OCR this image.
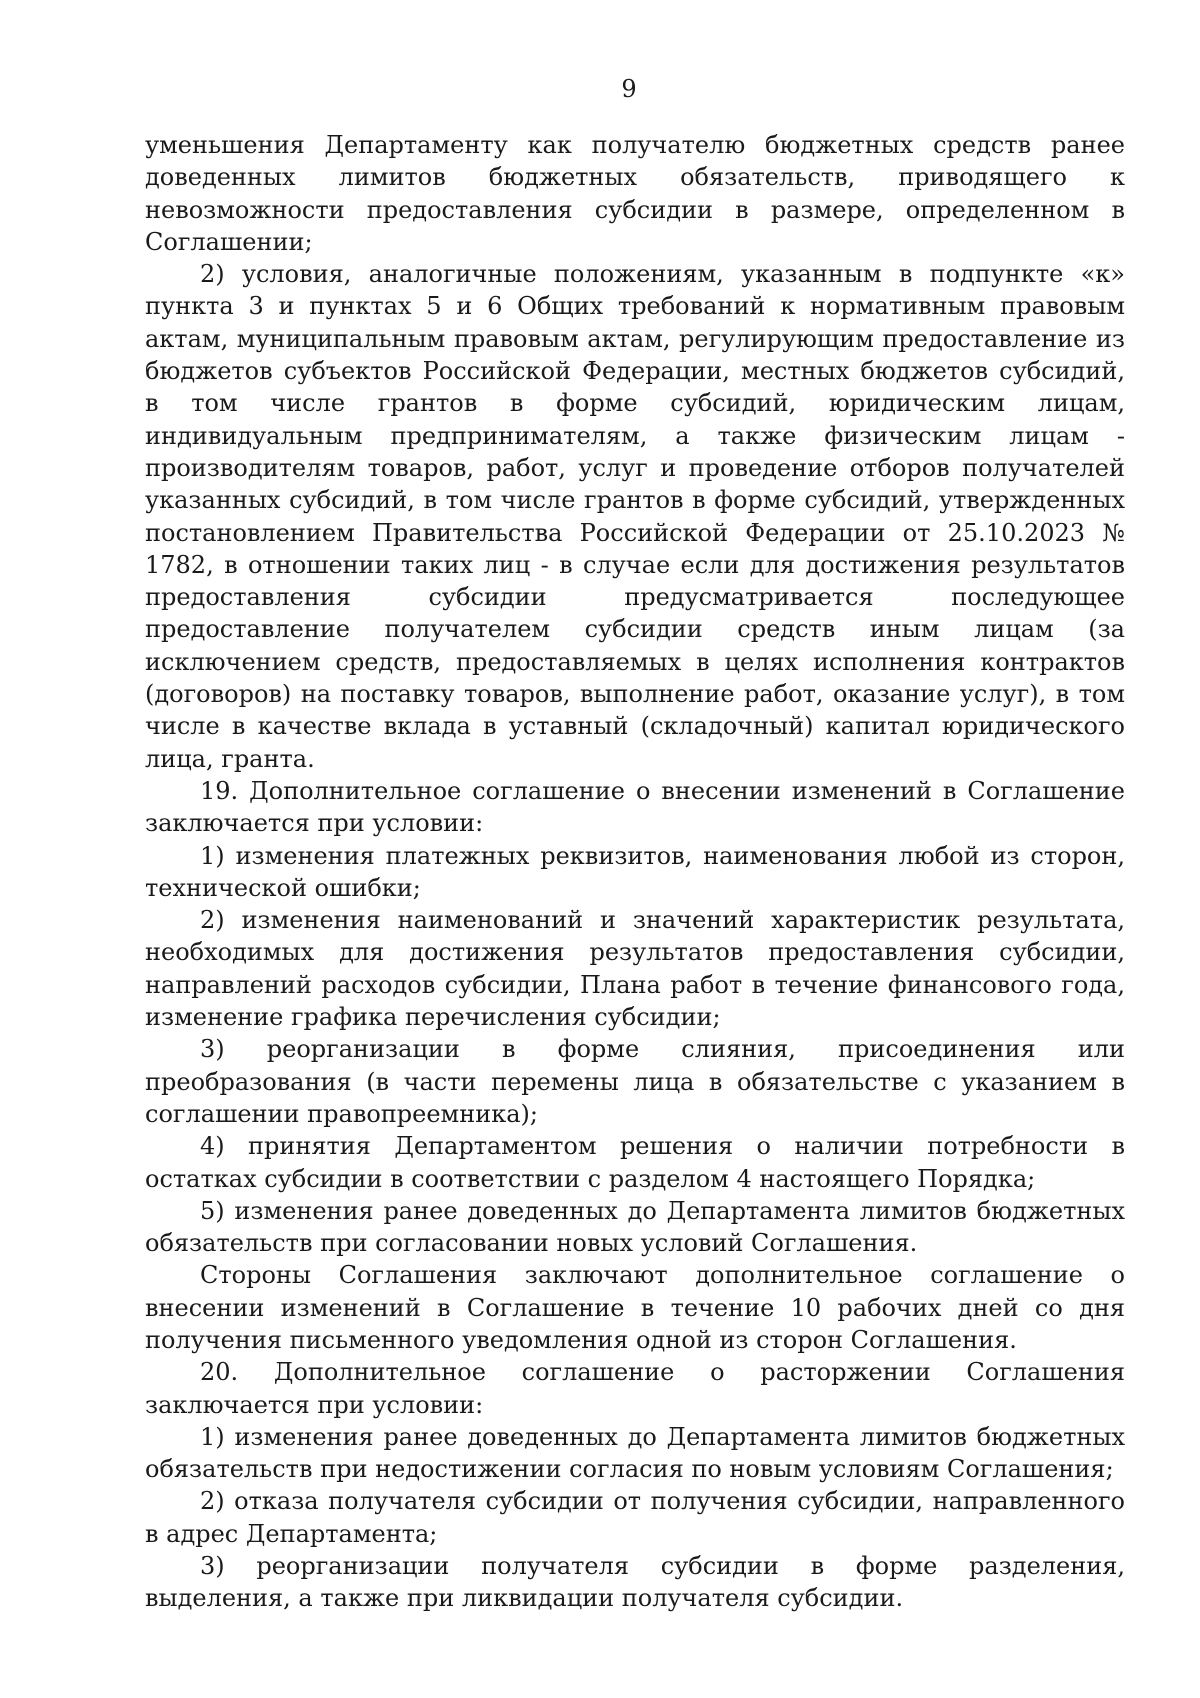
9

уменьшения Департаменту как получателю бюджетных средств ранее доведенных лимитов бюджетных обязательств, приводящего к невозможности предоставления субсидии в размере, определенном в Соглашении;

2) условия, аналогичные положениям, указанным в подпункте «к» пункта 3 и пунктах 5 и 6 Общих требований к нормативным правовым актам, муниципальным правовым актам, регулирующим предоставление из бюджетов субъектов Российской Федерации, местных бюджетов субсидий, в том числе грантов в форме субсидий, юридическим лицам, индивидуальным предпринимателям, а также физическим лицам - производителям товаров, работ, услуг и проведение отборов получателей указанных субсидий, в том числе грантов в форме субсидий, утвержденных постановлением Правительства Российской Федерации от 25.10.2023 № 1782, в отношении таких лиц - в случае если для достижения результатов предоставления субсидии предусматривается последующее предоставление получателем субсидии средств иным лицам (за исключением средств, предоставляемых в целях исполнения контрактов (договоров) на поставку товаров, выполнение работ, оказание услуг), в том числе в качестве вклада в уставный (складочный) капитал юридического лица, гранта.

19. Дополнительное соглашение о внесении изменений в Соглашение заключается при условии:

1) изменения платежных реквизитов, наименования любой из сторон, технической ошибки;

2) изменения наименований и значений характеристик результата, необходимых для достижения результатов предоставления субсидии, направлений расходов субсидии, Плана работ в течение финансового года, изменение графика перечисления субсидии;

3) реорганизации в форме слияния, присоединения или преобразования (в части перемены лица в обязательстве с указанием в соглашении правопреемника);

4) принятия Департаментом решения о наличии потребности в остатках субсидии в соответствии с разделом 4 настоящего Порядка;

5) изменения ранее доведенных до Департамента лимитов бюджетных обязательств при согласовании новых условий Соглашения.

Стороны Соглашения заключают дополнительное соглашение о внесении изменений в Соглашение в течение 10 рабочих дней со дня получения письменного уведомления одной из сторон Соглашения.

20. Дополнительное соглашение о расторжении Соглашения заключается при условии:

1) изменения ранее доведенных до Департамента лимитов бюджетных обязательств при недостижении согласия по новым условиям Соглашения;

2) отказа получателя субсидии от получения субсидии, направленного в адрес Департамента;

3) реорганизации получателя субсидии в форме разделения, выделения, а также при ликвидации получателя субсидии.
